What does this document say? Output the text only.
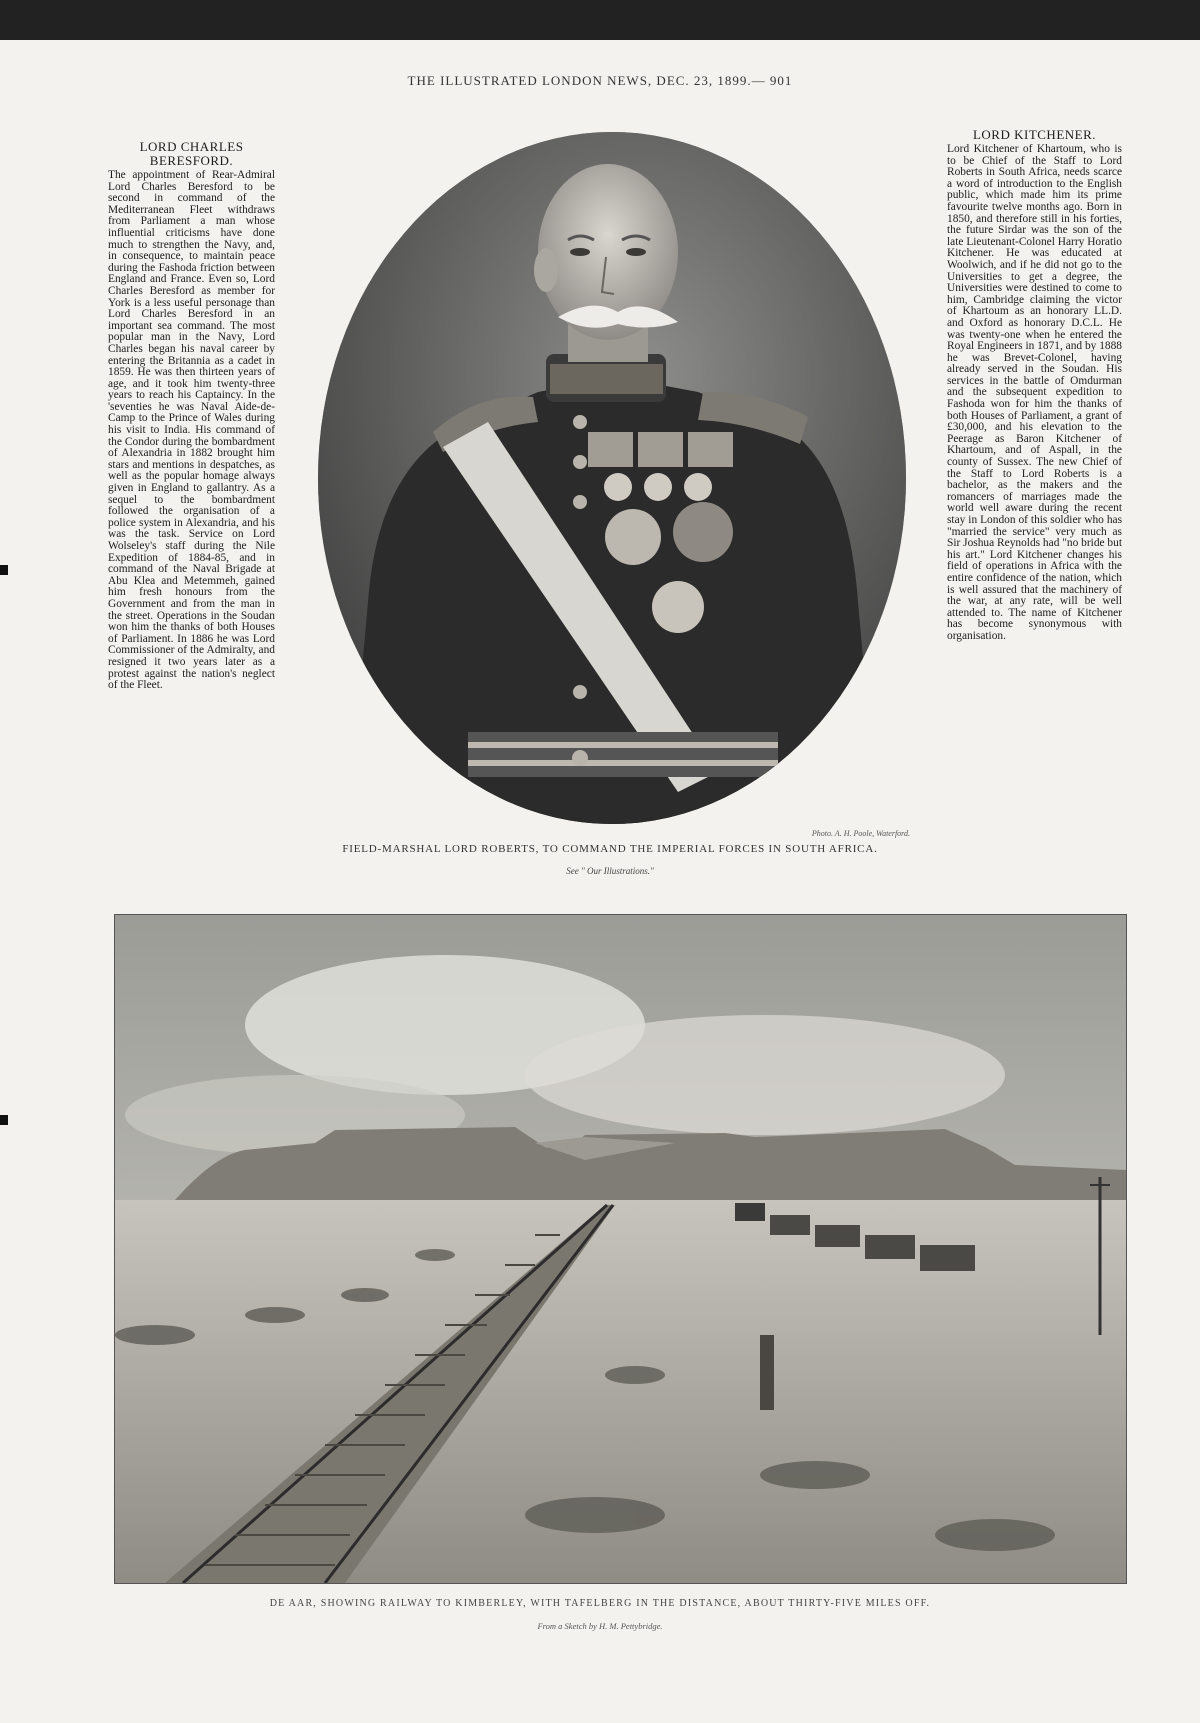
THE ILLUSTRATED LONDON NEWS, DEC. 23, 1899.— 901
LORD CHARLES BERESFORD.
The appointment of Rear-Admiral Lord Charles Beresford to be second in command of the Mediterranean Fleet withdraws from Parliament a man whose influential criticisms have done much to strengthen the Navy, and, in consequence, to maintain peace during the Fashoda friction between England and France. Even so, Lord Charles Beresford as member for York is a less useful personage than Lord Charles Beresford in an important sea command. The most popular man in the Navy, Lord Charles began his naval career by entering the Britannia as a cadet in 1859. He was then thirteen years of age, and it took him twenty-three years to reach his Captaincy. In the 'seventies he was Naval Aide-de-Camp to the Prince of Wales during his visit to India. His command of the Condor during the bombardment of Alexandria in 1882 brought him stars and mentions in despatches, as well as the popular homage always given in England to gallantry. As a sequel to the bombardment followed the organisation of a police system in Alexandria, and his was the task. Service on Lord Wolseley's staff during the Nile Expedition of 1884-85, and in command of the Naval Brigade at Abu Klea and Metemmeh, gained him fresh honours from the Government and from the man in the street. Operations in the Soudan won him the thanks of both Houses of Parliament. In 1886 he was Lord Commissioner of the Admiralty, and resigned it two years later as a protest against the nation's neglect of the Fleet.
Photo. A. H. Poole, Waterford.
FIELD-MARSHAL LORD ROBERTS, TO COMMAND THE IMPERIAL FORCES IN SOUTH AFRICA.
See " Our Illustrations."
LORD KITCHENER.
Lord Kitchener of Khartoum, who is to be Chief of the Staff to Lord Roberts in South Africa, needs scarce a word of introduction to the English public, which made him its prime favourite twelve months ago. Born in 1850, and therefore still in his forties, the future Sirdar was the son of the late Lieutenant-Colonel Harry Horatio Kitchener. He was educated at Woolwich, and if he did not go to the Universities to get a degree, the Universities were destined to come to him, Cambridge claiming the victor of Khartoum as an honorary LL.D. and Oxford as honorary D.C.L. He was twenty-one when he entered the Royal Engineers in 1871, and by 1888 he was Brevet-Colonel, having already served in the Soudan. His services in the battle of Omdurman and the subsequent expedition to Fashoda won for him the thanks of both Houses of Parliament, a grant of £30,000, and his elevation to the Peerage as Baron Kitchener of Khartoum, and of Aspall, in the county of Sussex. The new Chief of the Staff to Lord Roberts is a bachelor, as the makers and the romancers of marriages made the world well aware during the recent stay in London of this soldier who has "married the service" very much as Sir Joshua Reynolds had "no bride but his art." Lord Kitchener changes his field of operations in Africa with the entire confidence of the nation, which is well assured that the machinery of the war, at any rate, will be well attended to. The name of Kitchener has become synonymous with organisation.
DE AAR, SHOWING RAILWAY TO KIMBERLEY, WITH TAFELBERG IN THE DISTANCE, ABOUT THIRTY-FIVE MILES OFF.
From a Sketch by H. M. Pettybridge.
